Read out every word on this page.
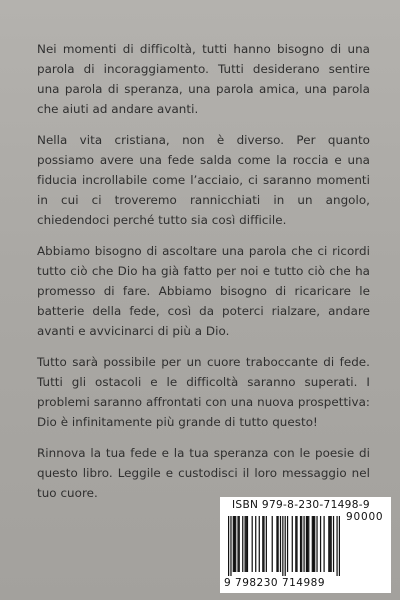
Nei momenti di difficoltà, tutti hanno bisogno di una parola di incoraggiamento. Tutti desiderano sentire una parola di speranza, una parola amica, una parola che aiuti ad andare avanti.

Nella vita cristiana, non è diverso. Per quanto possiamo avere una fede salda come la roccia e una fiducia incrollabile come l’acciaio, ci saranno momenti in cui ci troveremo rannicchiati in un angolo, chiedendoci perché tutto sia così difficile.

Abbiamo bisogno di ascoltare una parola che ci ricordi tutto ciò che Dio ha già fatto per noi e tutto ciò che ha promesso di fare. Abbiamo bisogno di ricaricare le batterie della fede, così da poterci rialzare, andare avanti e avvicinarci di più a Dio.

Tutto sarà possibile per un cuore traboccante di fede. Tutti gli ostacoli e le difficoltà saranno superati. I problemi saranno affrontati con una nuova prospettiva: Dio è infinitamente più grande di tutto questo!

Rinnova la tua fede e la tua speranza con le poesie di questo libro. Leggile e custodisci il loro messaggio nel tuo cuore.

ISBN 979-8-230-71498-9
90000
9 798230 714989
